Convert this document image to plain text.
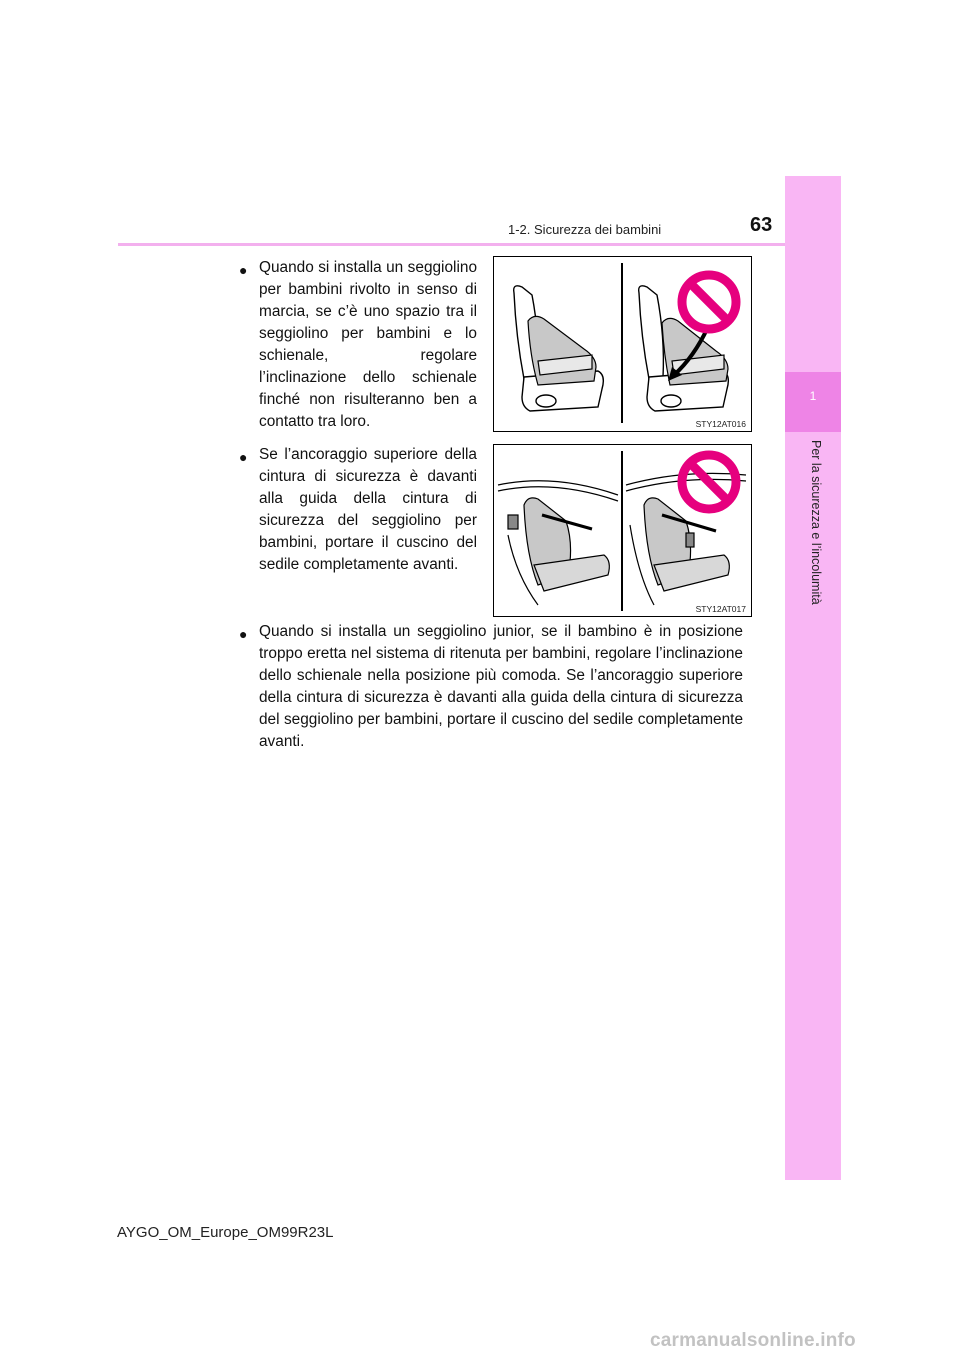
1-2. Sicurezza dei bambini	63
1
Per la sicurezza e l’incolumità
● Quando si installa un seggiolino per bambini rivolto in senso di marcia, se c’è uno spazio tra il seggiolino per bambini e lo schienale, regolare l’inclinazione dello schienale finché non risulteranno ben a contatto tra loro.
● Se l’ancoraggio superiore della cintura di sicurezza è davanti alla guida della cintura di sicurezza del seggiolino per bambini, portare il cuscino del sedile completamente avanti.
● Quando si installa un seggiolino junior, se il bambino è in posizione troppo eretta nel sistema di ritenuta per bambini, regolare l’inclinazione dello schienale nella posizione più comoda. Se l’ancoraggio superiore della cintura di sicurezza è davanti alla guida della cintura di sicurezza del seggiolino per bambini, portare il cuscino del sedile completamente avanti.
STY12AT016
STY12AT017
AYGO_OM_Europe_OM99R23L
carmanualsonline.info
